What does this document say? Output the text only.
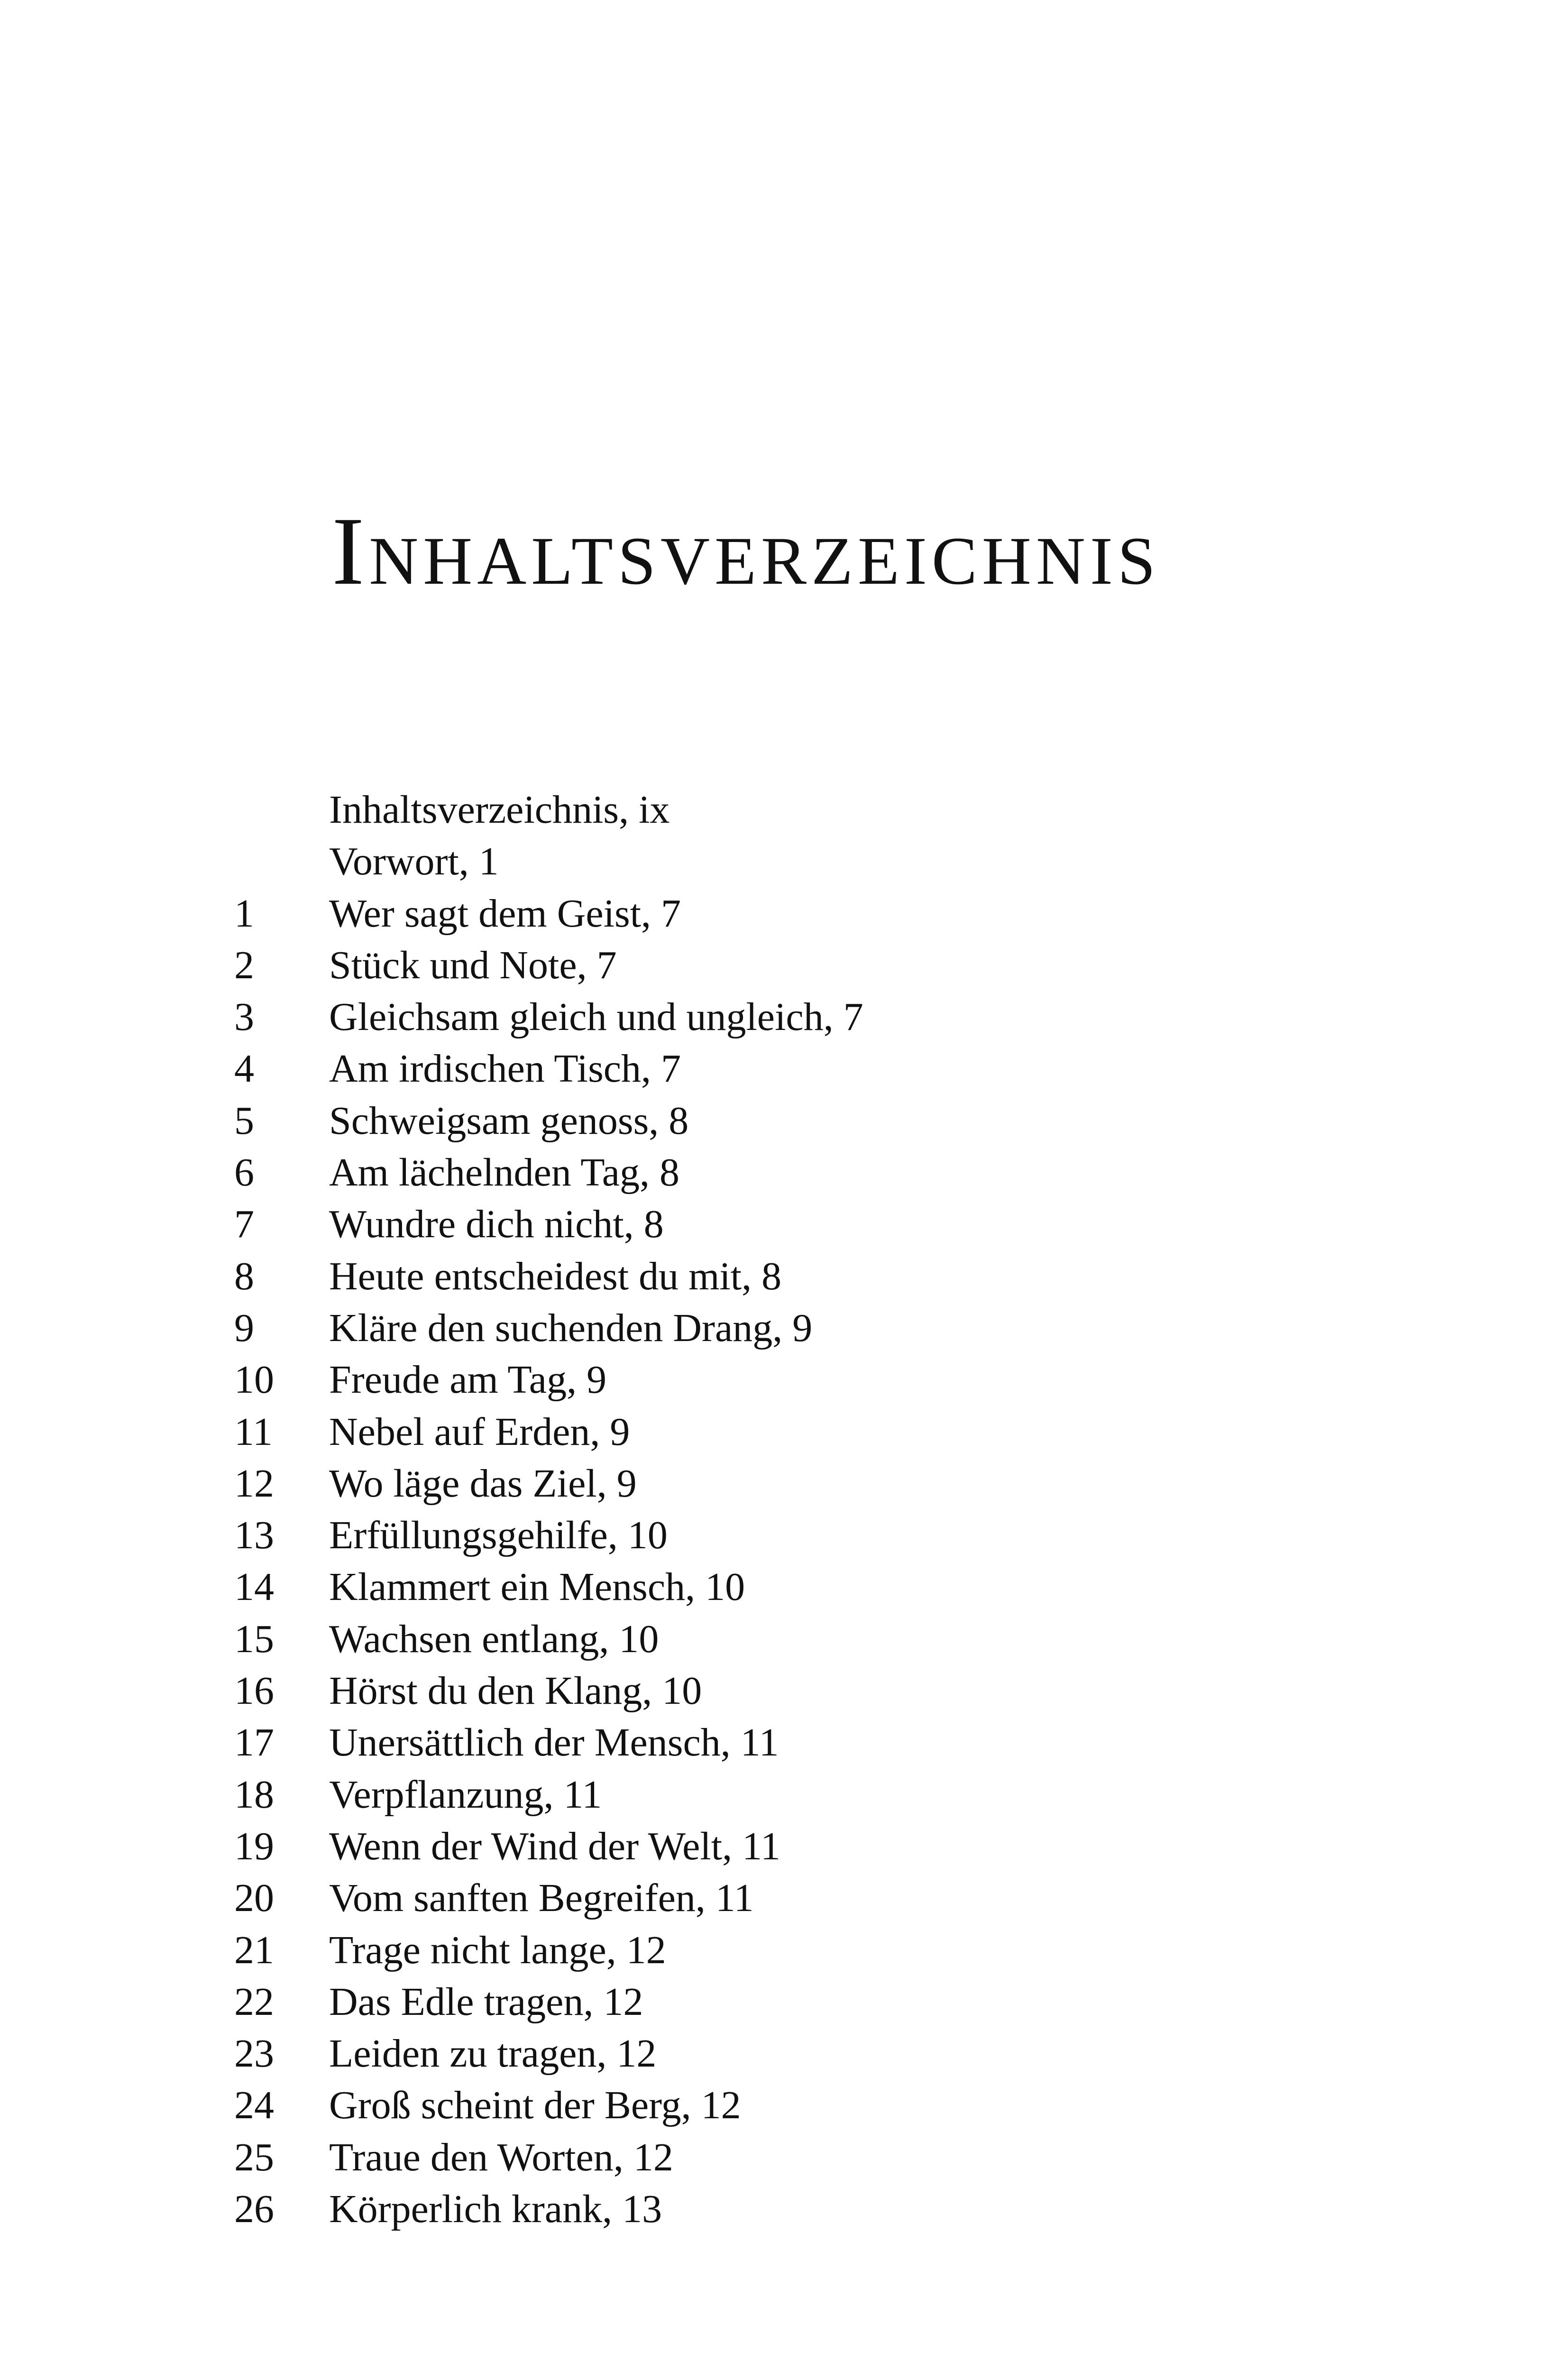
Inhaltsverzeichnis
Inhaltsverzeichnis, ix
Vorwort, 1
1 Wer sagt dem Geist, 7
2 Stück und Note, 7
3 Gleichsam gleich und ungleich, 7
4 Am irdischen Tisch, 7
5 Schweigsam genoss, 8
6 Am lächelnden Tag, 8
7 Wundre dich nicht, 8
8 Heute entscheidest du mit, 8
9 Kläre den suchenden Drang, 9
10 Freude am Tag, 9
11 Nebel auf Erden, 9
12 Wo läge das Ziel, 9
13 Erfüllungsgehilfe, 10
14 Klammert ein Mensch, 10
15 Wachsen entlang, 10
16 Hörst du den Klang, 10
17 Unersättlich der Mensch, 11
18 Verpflanzung, 11
19 Wenn der Wind der Welt, 11
20 Vom sanften Begreifen, 11
21 Trage nicht lange, 12
22 Das Edle tragen, 12
23 Leiden zu tragen, 12
24 Groß scheint der Berg, 12
25 Traue den Worten, 12
26 Körperlich krank, 13
